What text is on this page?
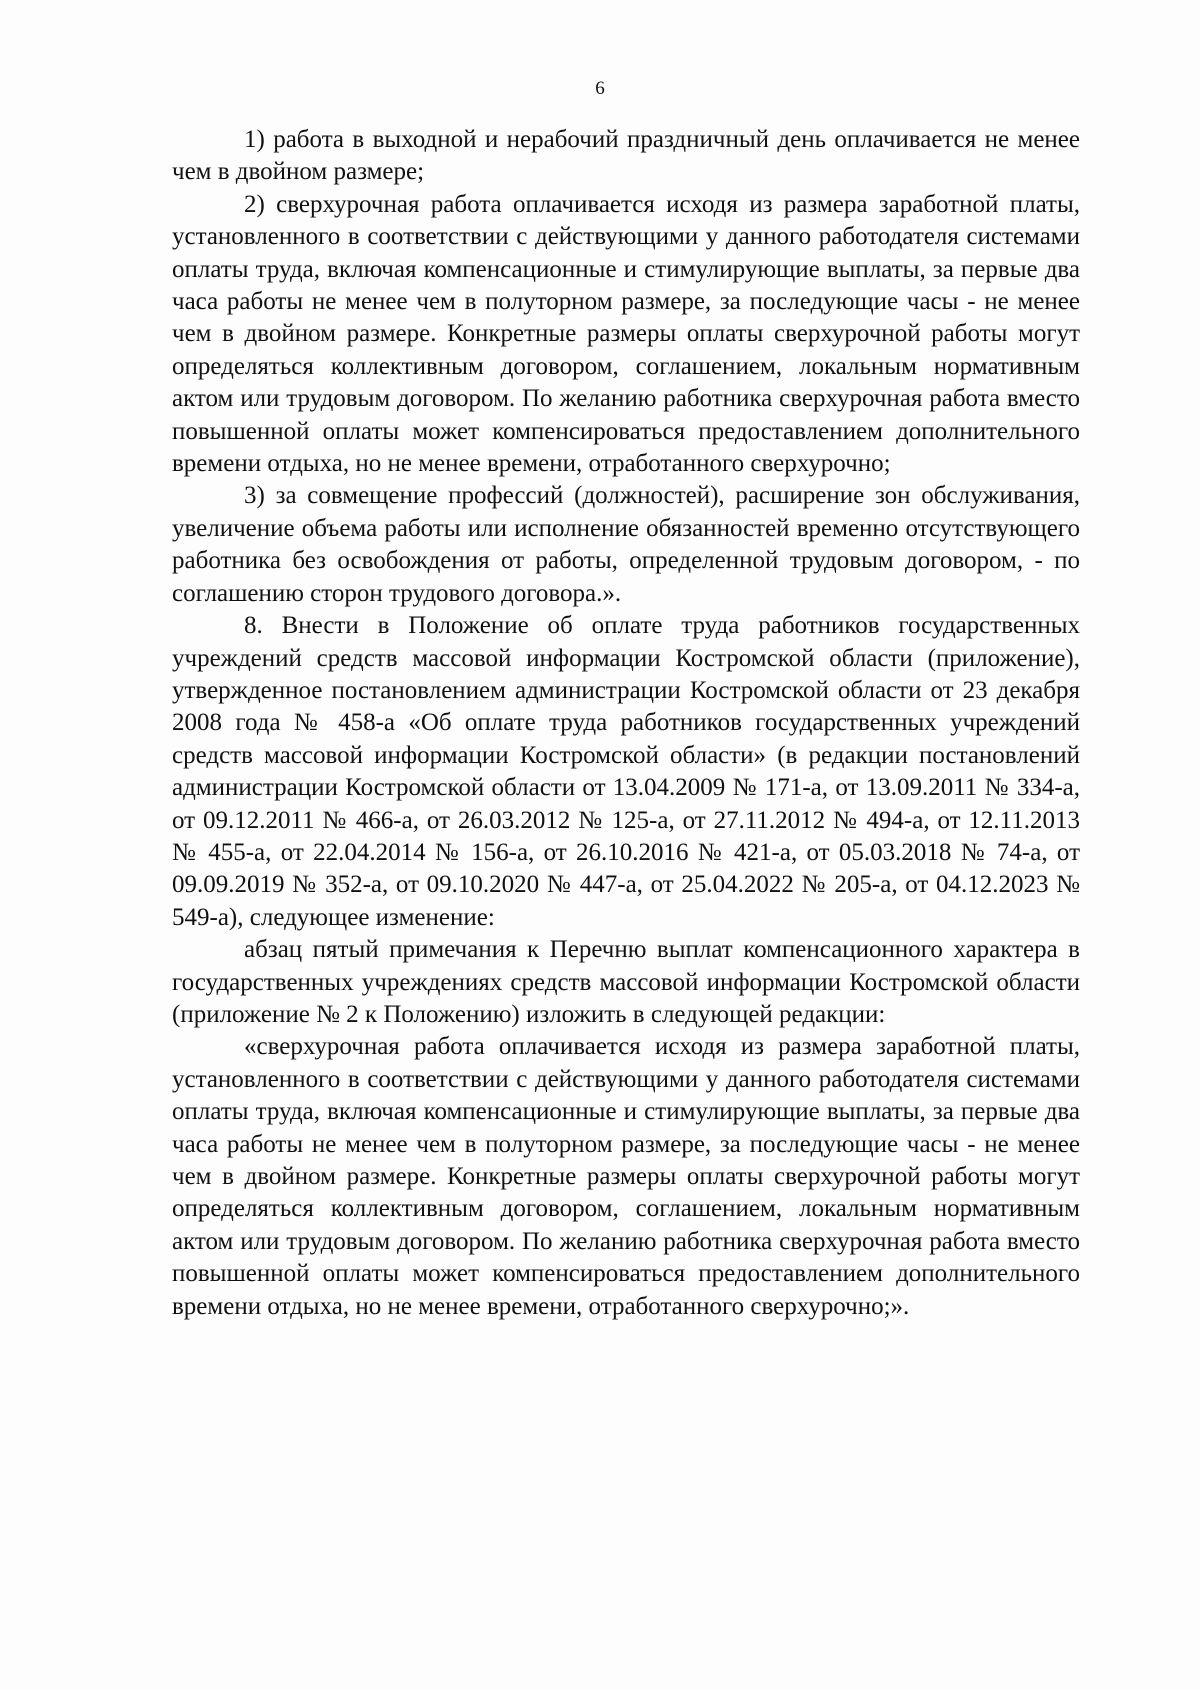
6

1) работа в выходной и нерабочий праздничный день оплачивается не менее чем в двойном размере;

2) сверхурочная работа оплачивается исходя из размера заработной платы, установленного в соответствии с действующими у данного работодателя системами оплаты труда, включая компенсационные и стимулирующие выплаты, за первые два часа работы не менее чем в полуторном размере, за последующие часы - не менее чем в двойном размере. Конкретные размеры оплаты сверхурочной работы могут определяться коллективным договором, соглашением, локальным нормативным актом или трудовым договором. По желанию работника сверхурочная работа вместо повышенной оплаты может компенсироваться предоставлением дополнительного времени отдыха, но не менее времени, отработанного сверхурочно;

3) за совмещение профессий (должностей), расширение зон обслуживания, увеличение объема работы или исполнение обязанностей временно отсутствующего работника без освобождения от работы, определенной трудовым договором, - по соглашению сторон трудового договора.».

8. Внести в Положение об оплате труда работников государственных учреждений средств массовой информации Костромской области (приложение), утвержденное постановлением администрации Костромской области от 23 декабря 2008 года № 458-а «Об оплате труда работников государственных учреждений средств массовой информации Костромской области» (в редакции постановлений администрации Костромской области от 13.04.2009 № 171-а, от 13.09.2011 № 334-а, от 09.12.2011 № 466-а, от 26.03.2012 № 125-а, от 27.11.2012 № 494-а, от 12.11.2013 № 455-а, от 22.04.2014 № 156-а, от 26.10.2016 № 421-а, от 05.03.2018 № 74-а, от 09.09.2019 № 352-а, от 09.10.2020 № 447-а, от 25.04.2022 № 205-а, от 04.12.2023 № 549-а), следующее изменение:

абзац пятый примечания к Перечню выплат компенсационного характера в государственных учреждениях средств массовой информации Костромской области (приложение № 2 к Положению) изложить в следующей редакции:

«сверхурочная работа оплачивается исходя из размера заработной платы, установленного в соответствии с действующими у данного работодателя системами оплаты труда, включая компенсационные и стимулирующие выплаты, за первые два часа работы не менее чем в полуторном размере, за последующие часы - не менее чем в двойном размере. Конкретные размеры оплаты сверхурочной работы могут определяться коллективным договором, соглашением, локальным нормативным актом или трудовым договором. По желанию работника сверхурочная работа вместо повышенной оплаты может компенсироваться предоставлением дополнительного времени отдыха, но не менее времени, отработанного сверхурочно;».
